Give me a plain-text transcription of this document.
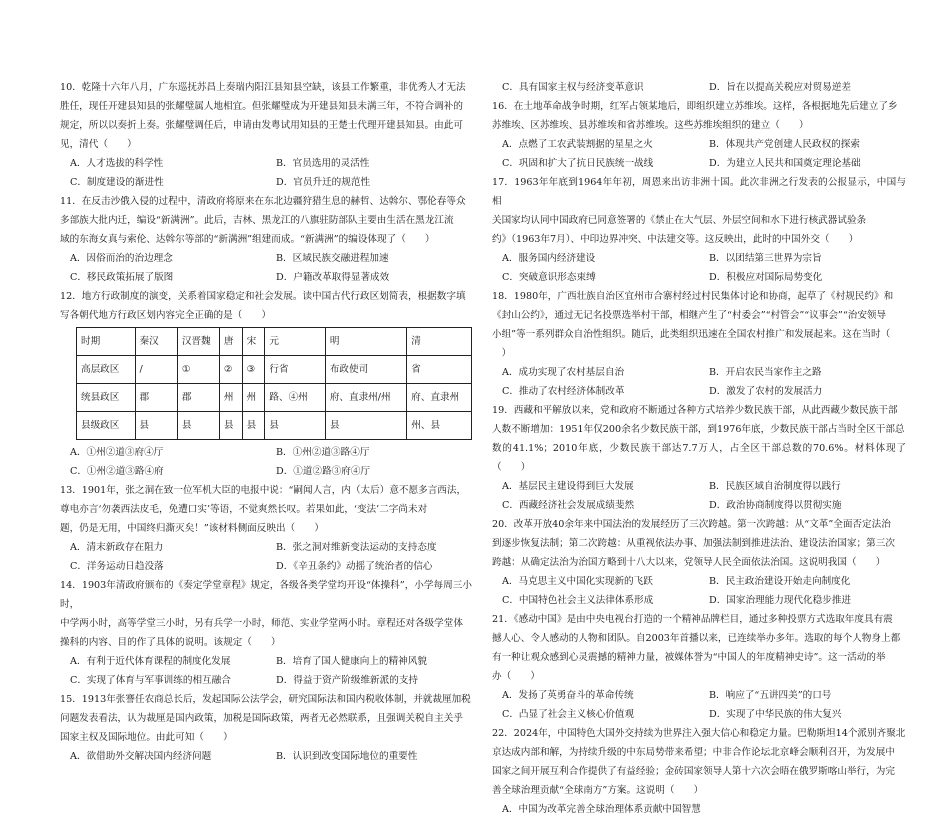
10．乾隆十六年八月，广东巡抚苏昌上奏瑞内阳江县知县空缺，该县工作繁重，非优秀人才无法

胜任，现任开建县知县的张耀璧属人地相宜。但张耀璧成为开建县知县未满三年，不符合调补的

规定，所以以奏折上奏。张耀璧调任后，申请由发粤试用知县的王楚士代理开建县知县。由此可

见，清代（　　）

A．人才选拔的科学性	B．官员选用的灵活性
C．制度建设的渐进性	D．官员升迁的规范性

11．在反击沙俄入侵的过程中，清政府将原来在东北边疆狩猎生息的赫哲、达斡尔、鄂伦春等众

多部族大批内迁，编设“新满洲”。此后，吉林、黑龙江的八旗驻防部队主要由生活在黑龙江流

域的东海女真与索伦、达斡尔等部的“新满洲”组建而成。“新满洲”的编设体现了（　　）

A．因俗而治的治边理念	B．区域民族交融进程加速
C．移民政策拓展了版图	D．户籍改革取得显著成效

12．地方行政制度的演变，关系着国家稳定和社会发展。读中国古代行政区划简表，根据数字填

写各朝代地方行政区划内容完全正确的是（　　）

时期	秦汉	汉晋魏	唐	宋	元	明	清
高层政区	/	①	②	③	行省	布政使司	省
统县政区	郡	郡	州	州	路、④州	府、直隶州/州	府、直隶州
县级政区	县	县	县	县	县	县	州、县
A．①州②道③府④厅	B．①州②道③路④厅
C．①州②道③路④府	D．①道②路③府④厅

13．1901年，张之洞在致一位军机大臣的电报中说：“嗣闻人言，内（太后）意不愿多言西法，

尊电亦言‘勿袭西法皮毛，免遭口实’等语，不觉爽然长叹。若果如此，‘变法’二字尚未对

题，仍是无用，中国终归澌灭矣！”该材料侧面反映出（　　）

A．清末新政存在阻力	B．张之洞对维新变法运动的支持态度
C．洋务运动日趋没落	D．《辛丑条约》动摇了统治者的信心

14．1903年清政府颁布的《奏定学堂章程》规定，各级各类学堂均开设“体操科”，小学每周三小时，

中学两小时，高等学堂三小时，另有兵学一小时，师范、实业学堂两小时。章程还对各级学堂体

操科的内容、目的作了具体的说明。该规定（　　）

A．有利于近代体育课程的制度化发展	B．培育了国人健康向上的精神风貌
C．实现了体育与军事训练的相互融合	D．得益于资产阶级维新派的支持

15．1913年张謇任农商总长后，发起国际公法学会，研究国际法和国内税收体制，并就裁厘加税

问题发表看法，认为裁厘是国内政策，加税是国际政策，两者无必然联系，且强调关税自主关乎

国家主权及国际地位。由此可知（　　）

A．欲借助外交解决国内经济问题	B．认识到改变国际地位的重要性
C．具有国家主权与经济变革意识	D．旨在以提高关税应对贸易逆差

16．在土地革命战争时期，红军占领某地后，即组织建立苏维埃。这样，各根据地先后建立了乡

苏维埃、区苏维埃、县苏维埃和省苏维埃。这些苏维埃组织的建立（　　）

A．点燃了工农武装割据的星星之火	B．体现共产党创建人民政权的探索
C．巩固和扩大了抗日民族统一战线	D．为建立人民共和国奠定理论基础

17．1963年年底到1964年年初，周恩来出访非洲十国。此次非洲之行发表的公报显示，中国与相

关国家均认同中国政府已同意签署的《禁止在大气层、外层空间和水下进行核武器试验条

约》（1963年7月）、中印边界冲突、中法建交等。这反映出，此时的中国外交（　　）

A．服务国内经济建设	B．以团结第三世界为宗旨
C．突破意识形态束缚	D．积极应对国际局势变化

18．1980年，广西壮族自治区宜州市合寨村经过村民集体讨论和协商，起草了《村规民约》和

《封山公约》，通过无记名投票选举村干部，相继产生了“村委会”“村管会”“议事会”“治安领导

小组”等一系列群众自治性组织。随后，此类组织迅速在全国农村推广和发展起来。这在当时（

　）

A．成功实现了农村基层自治	B．开启农民当家作主之路
C．推动了农村经济体制改革	D．激发了农村的发展活力

19．西藏和平解放以来，党和政府不断通过各种方式培养少数民族干部，从此西藏少数民族干部

人数不断增加：1951年仅200余名少数民族干部，到1976年底，少数民族干部占当时全区干部总

数的41.1%；2010年底，少数民族干部达7.7万人，占全区干部总数的70.6%。材料体现了（　　）

A．基层民主建设得到巨大发展	B．民族区域自治制度得以践行
C．西藏经济社会发展成绩斐然	D．政治协商制度得以贯彻实施

20．改革开放40余年来中国法治的发展经历了三次跨越。第一次跨越：从“文革”全面否定法治

到逐步恢复法制；第二次跨越：从重视依法办事、加强法制到推进法治、建设法治国家；第三次

跨越：从确定法治为治国方略到十八大以来，党领导人民全面依法治国。这说明我国（　　）

A．马克思主义中国化实现新的飞跃	B．民主政治建设开始走向制度化
C．中国特色社会主义法律体系形成	D．国家治理能力现代化稳步推进

21．《感动中国》是由中央电视台打造的一个精神品牌栏目，通过多种投票方式选取年度具有震

撼人心、令人感动的人物和团队。自2003年首播以来，已连续举办多年。选取的每个人物身上都

有一种让观众感到心灵震撼的精神力量，被媒体誉为“中国人的年度精神史诗”。这一活动的举

办（　　）

A．发扬了英勇奋斗的革命传统	B．响应了“五讲四美”的口号
C．凸显了社会主义核心价值观	D．实现了中华民族的伟大复兴

22．2024年，中国特色大国外交持续为世界注入强大信心和稳定力量。巴勒斯坦14个派别齐聚北

京达成内部和解，为持续升级的中东局势带来希望；中非合作论坛北京峰会顺利召开，为发展中

国家之间开展互利合作提供了有益经验；金砖国家领导人第十六次会晤在俄罗斯喀山举行，为完

善全球治理贡献“全球南方”方案。这说明（　　）

A．中国为改革完善全球治理体系贡献中国智慧
